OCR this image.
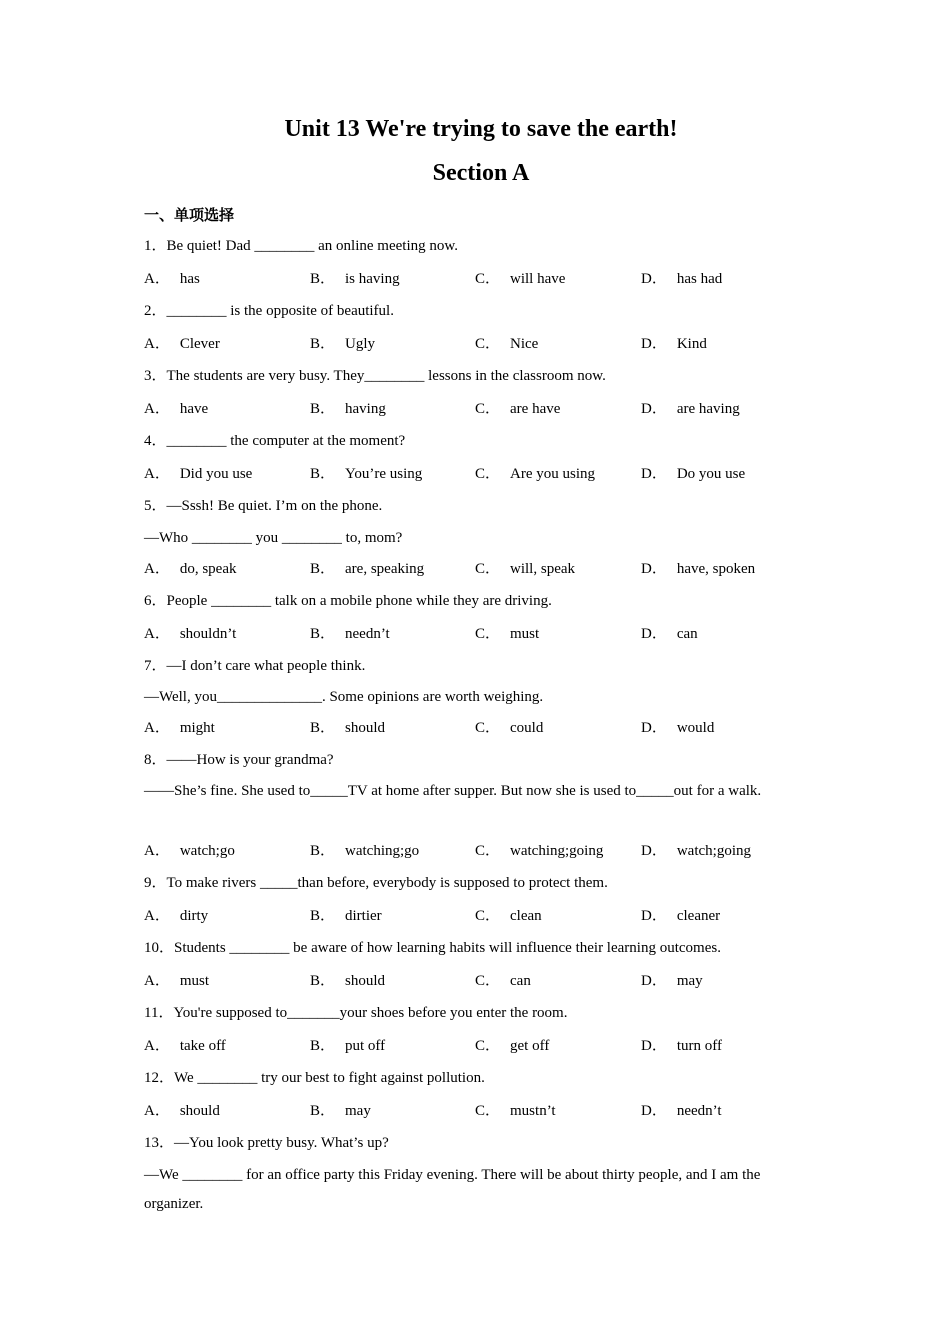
Unit 13 We're trying to save the earth!
Section A
一、单项选择
1．Be quiet! Dad ________ an online meeting now.
A． has	B． is having	C． will have	D． has had
2．________ is the opposite of beautiful.
A． Clever	B． Ugly	C． Nice	D． Kind
3．The students are very busy. They________ lessons in the classroom now.
A． have	B． having	C． are have	D． are having
4．________ the computer at the moment?
A． Did you use	B． You’re using	C． Are you using	D． Do you use
5．—Sssh! Be quiet. I’m on the phone.
—Who ________ you ________ to, mom?
A． do, speak	B． are, speaking	C． will, speak	D． have, spoken
6．People ________ talk on a mobile phone while they are driving.
A． shouldn’t	B． needn’t	C． must	D． can
7．—I don’t care what people think.
—Well, you______________. Some opinions are worth weighing.
A． might	B． should	C． could	D． would
8．——How is your grandma?
——She’s fine. She used to_____TV at home after supper. But now she is used to_____out for a walk.
A． watch;go	B． watching;go	C． watching;going	D． watch;going
9．To make rivers _____than before, everybody is supposed to protect them.
A． dirty	B． dirtier	C． clean	D． cleaner
10．Students ________ be aware of how learning habits will influence their learning outcomes.
A． must	B． should	C． can	D． may
11．You're supposed to_______your shoes before you enter the room.
A． take off	B． put off	C． get off	D． turn off
12．We ________ try our best to fight against pollution.
A． should	B． may	C． mustn’t	D． needn’t
13．—You look pretty busy. What’s up?
—We ________ for an office party this Friday evening. There will be about thirty people, and I am the organizer.
